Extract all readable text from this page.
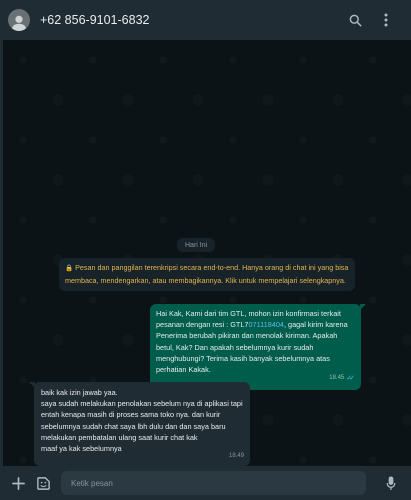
+62 856-9101-6832
Hari Ini
🔒 Pesan dan panggilan terenkripsi secara end-to-end. Hanya orang di chat ini yang bisa membaca, mendengarkan, atau membagikannya. Klik untuk mempelajari selengkapnya.
Hai Kak, Kami dari tim GTL, mohon izin konfirmasi terkait pesanan dengan resi : GTL7071118404, gagal kirim karena Penerima berubah pikiran dan menolak kiriman. Apakah betul, Kak? Dan apakah sebelumnya kurir sudah menghubungi? Terima kasih banyak sebelumnya atas perhatian Kakak.
18.45 ✓✓
baik kak izin jawab yaa.
saya sudah melakukan penolakan sebelum nya di aplikasi tapi entah kenapa masih di proses sama toko nya. dan kurir sebelumnya sudah chat saya lbh dulu dan dan saya baru melakukan pembatalan ulang saat kurir chat kak
maaf ya kak sebelumnya
18.49
Ketik pesan
